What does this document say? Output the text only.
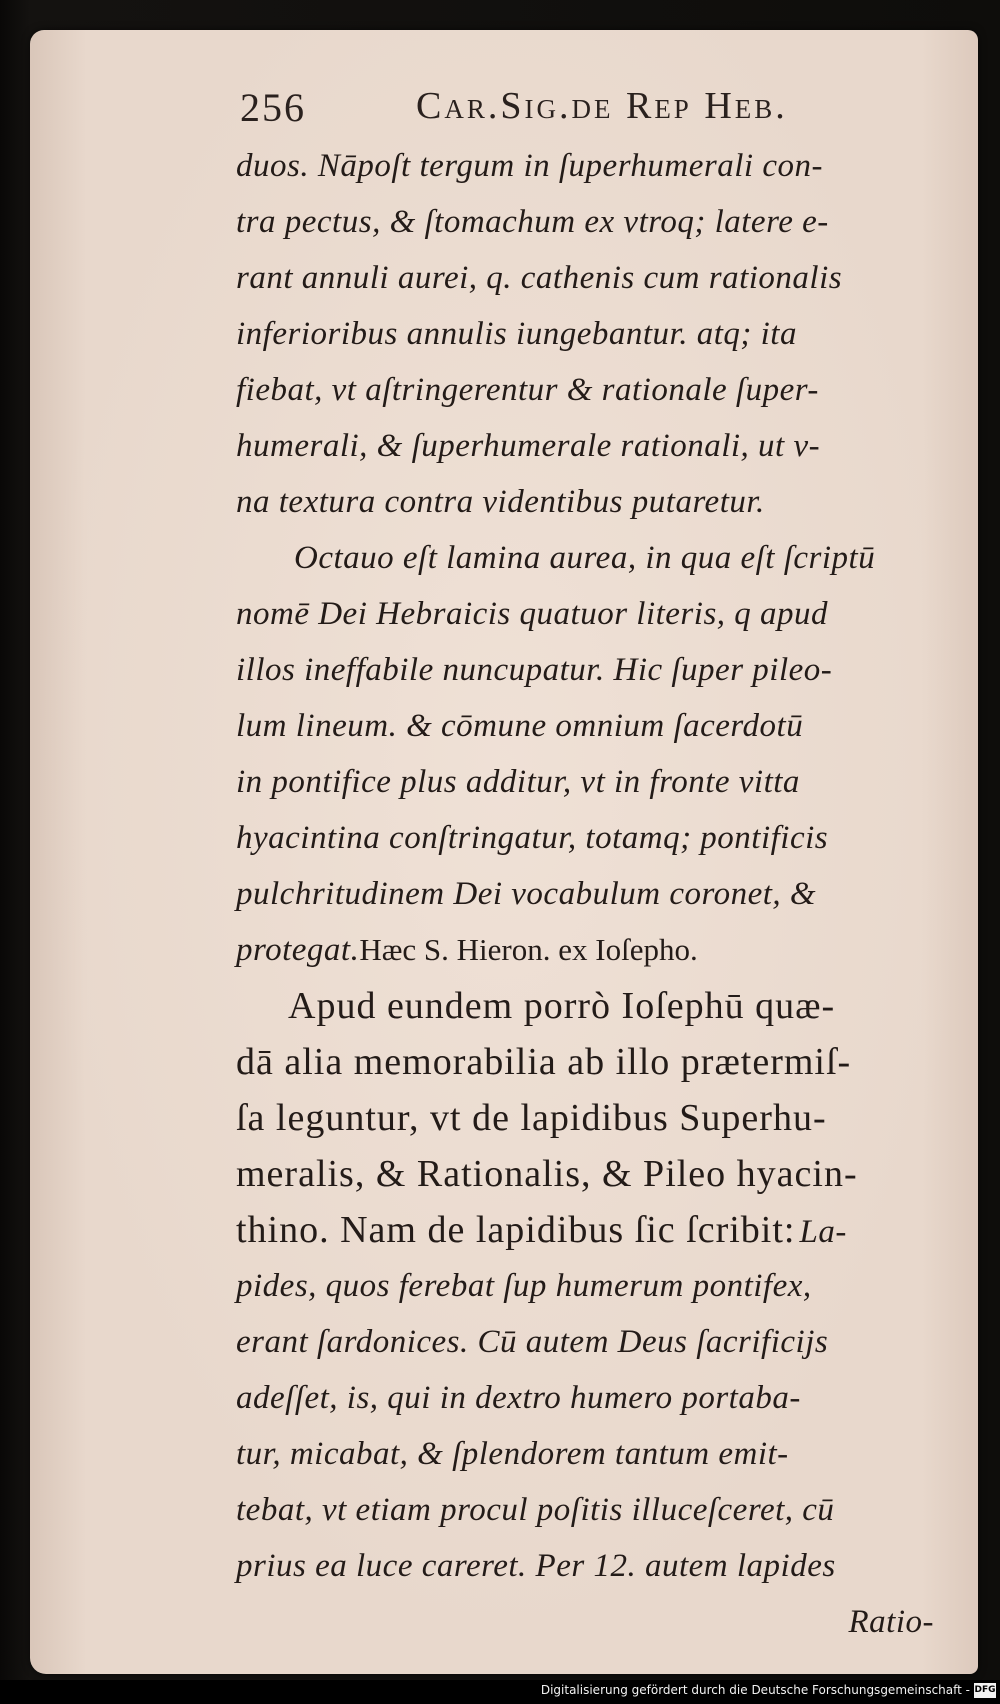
256	Car.Sig.de Rep Heb.
duos. Nāpoſt tergum in ſuperhumerali con-
tra pectus, & ſtomachum ex vtroq; latere e-
rant annuli aurei, q. cathenis cum rationalis
inferioribus annulis iungebantur. atq; ita
fiebat, vt aſtringerentur & rationale ſuper-
humerali, & ſuperhumerale rationali, ut v-
na textura contra videntibus putaretur.
Octauo eſt lamina aurea, in qua eſt ſcriptū
nomē Dei Hebraicis quatuor literis, q apud
illos ineffabile nuncupatur. Hic ſuper pileo-
lum lineum. & cōmune omnium ſacerdotū
in pontifice plus additur, vt in fronte vitta
hyacintina conſtringatur, totamq; pontificis
pulchritudinem Dei vocabulum coronet, &
protegat.Hæc S. Hieron. ex Ioſepho.
Apud eundem porrò Ioſephū quæ-
dā alia memorabilia ab illo prætermiſ-
ſa leguntur, vt de lapidibus Superhu-
meralis, & Rationalis, & Pileo hyacin-
thino. Nam de lapidibus ſic ſcribit: La-
pides, quos ferebat ſup humerum pontifex,
erant ſardonices. Cū autem Deus ſacrificijs
adeſſet, is, qui in dextro humero portaba-
tur, micabat, & ſplendorem tantum emit-
tebat, vt etiam procul poſitis illuceſceret, cū
prius ea luce careret. Per 12. autem lapides
Ratio-
Digitalisierung gefördert durch die Deutsche Forschungsgemeinschaft - DFG
